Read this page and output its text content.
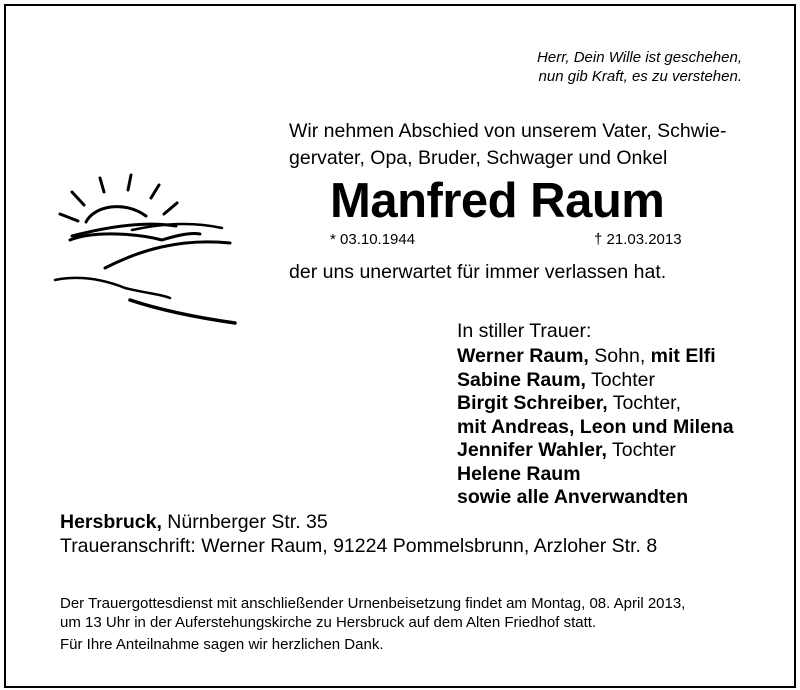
Herr, Dein Wille ist geschehen,
nun gib Kraft, es zu verstehen.
Wir nehmen Abschied von unserem Vater, Schwie-
gervater, Opa, Bruder, Schwager und Onkel
Manfred Raum
* 03.10.1944	† 21.03.2013
der uns unerwartet für immer verlassen hat.
In stiller Trauer:
Werner Raum, Sohn, mit Elfi
Sabine Raum, Tochter
Birgit Schreiber, Tochter,
mit Andreas, Leon und Milena
Jennifer Wahler, Tochter
Helene Raum
sowie alle Anverwandten
Hersbruck, Nürnberger Str. 35
Traueranschrift: Werner Raum, 91224 Pommelsbrunn, Arzloher Str. 8
Der Trauergottesdienst mit anschließender Urnenbeisetzung findet am Montag, 08. April 2013,
um 13 Uhr in der Auferstehungskirche zu Hersbruck auf dem Alten Friedhof statt.
Für Ihre Anteilnahme sagen wir herzlichen Dank.
